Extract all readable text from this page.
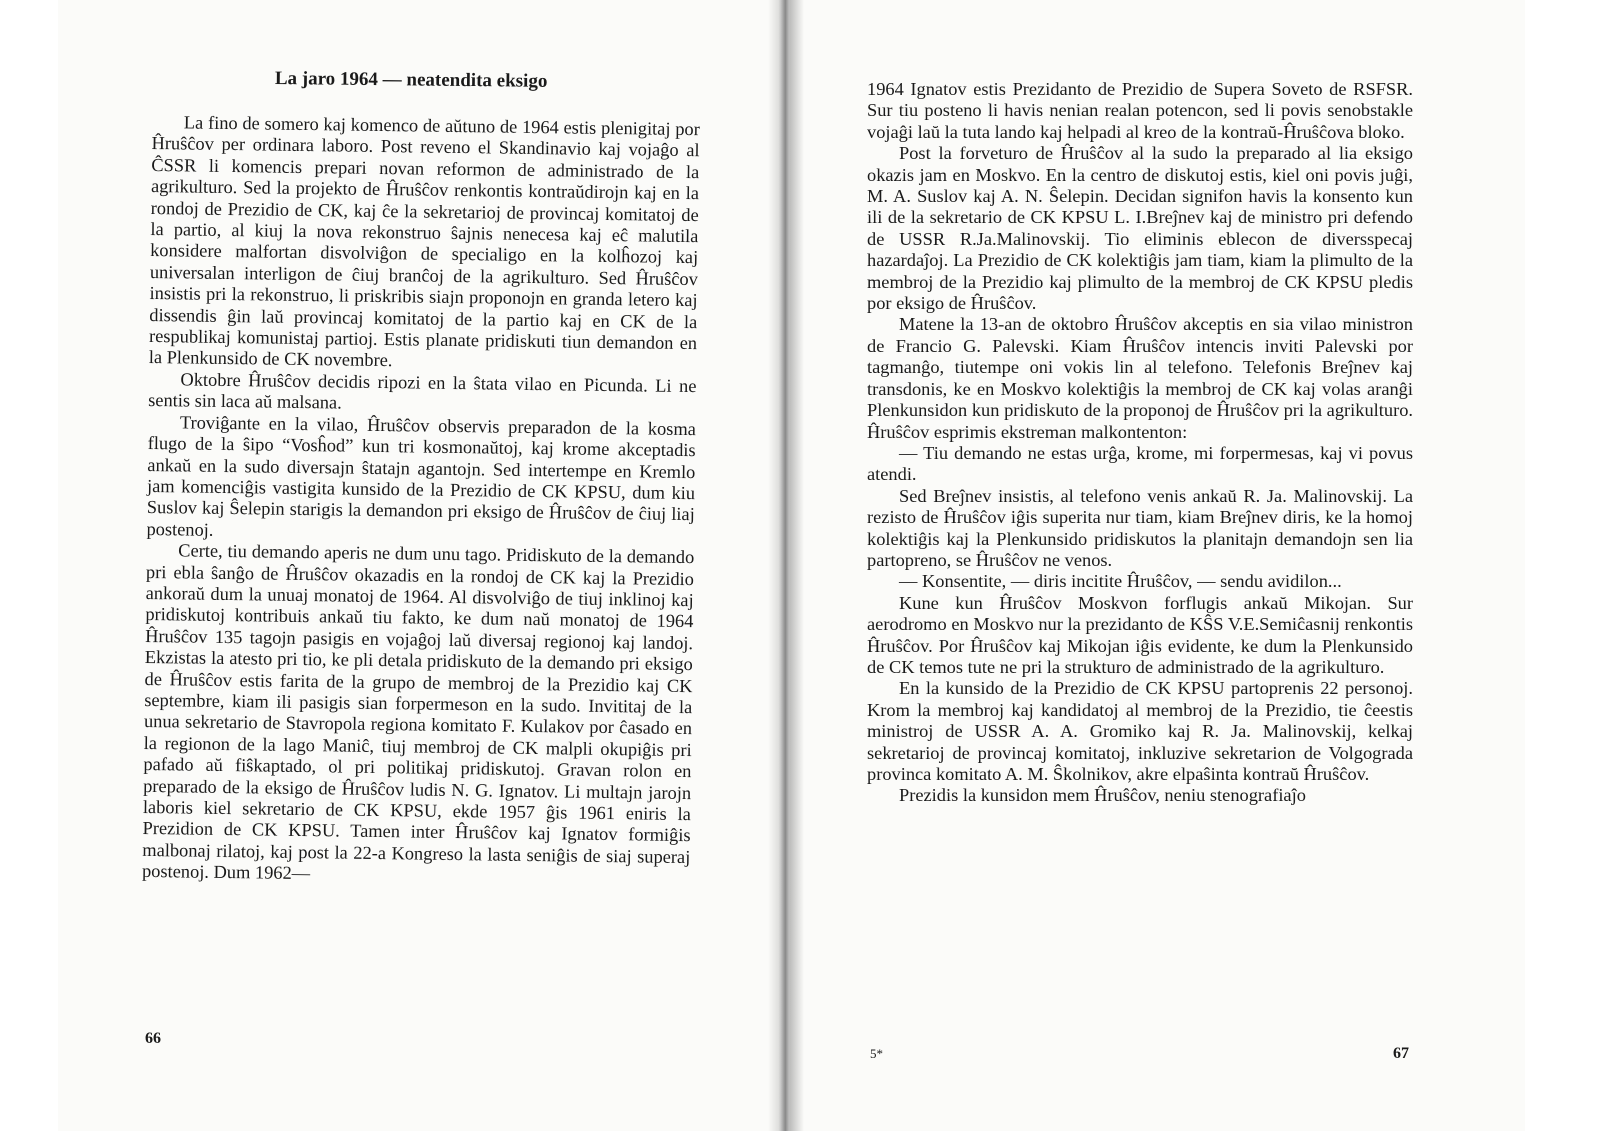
La jaro 1964 — neatendita eksigo

La fino de somero kaj komenco de aŭtuno de 1964 estis plenigitaj por Ĥruŝĉov per ordinara laboro. Post reveno el Skandinavio kaj vojaĝo al ĈSSR li komencis prepari novan reformon de administrado de la agrikulturo. Sed la projekto de Ĥruŝĉov renkontis kontraŭdirojn kaj en la rondoj de Prezidio de CK, kaj ĉe la sekretarioj de provincaj komitatoj de la partio, al kiuj la nova rekonstruo ŝajnis nenecesa kaj eĉ malutila konsidere malfortan disvolviĝon de specialigo en la kolĥozoj kaj universalan interligon de ĉiuj branĉoj de la agrikulturo. Sed Ĥruŝĉov insistis pri la rekonstruo, li priskribis siajn proponojn en granda letero kaj dissendis ĝin laŭ provincaj komitatoj de la partio kaj en CK de la respublikaj komunistaj partioj. Estis planate pridiskuti tiun demandon en la Plenkunsido de CK novembre.

Oktobre Ĥruŝĉov decidis ripozi en la ŝtata vilao en Picunda. Li ne sentis sin laca aŭ malsana.

Troviĝante en la vilao, Ĥruŝĉov observis preparadon de la kosma flugo de la ŝipo “Vosĥod” kun tri kosmonaŭtoj, kaj krome akceptadis ankaŭ en la sudo diversajn ŝtatajn agantojn. Sed intertempe en Kremlo jam komenciĝis vastigita kunsido de la Prezidio de CK KPSU, dum kiu Suslov kaj Ŝelepin starigis la demandon pri eksigo de Ĥruŝĉov de ĉiuj liaj postenoj.

Certe, tiu demando aperis ne dum unu tago. Pridiskuto de la demando pri ebla ŝanĝo de Ĥruŝĉov okazadis en la rondoj de CK kaj la Prezidio ankoraŭ dum la unuaj monatoj de 1964. Al disvolviĝo de tiuj inklinoj kaj pridiskutoj kontribuis ankaŭ tiu fakto, ke dum naŭ monatoj de 1964 Ĥruŝĉov 135 tagojn pasigis en vojaĝoj laŭ diversaj regionoj kaj landoj. Ekzistas la atesto pri tio, ke pli detala pridiskuto de la demando pri eksigo de Ĥruŝĉov estis farita de la grupo de membroj de la Prezidio kaj CK septembre, kiam ili pasigis sian forpermeson en la sudo. Invititaj de la unua sekretario de Stavropola regiona komitato F. Kulakov por ĉasado en la regionon de la lago Maniĉ, tiuj membroj de CK malpli okupiĝis pri pafado aŭ fiŝkaptado, ol pri politikaj pridiskutoj. Gravan rolon en preparado de la eksigo de Ĥruŝĉov ludis N. G. Ignatov. Li multajn jarojn laboris kiel sekretario de CK KPSU, ekde 1957 ĝis 1961 eniris la Prezidion de CK KPSU. Tamen inter Ĥruŝĉov kaj Ignatov formiĝis malbonaj rilatoj, kaj post la 22-a Kongreso la lasta seniĝis de siaj superaj postenoj. Dum 1962—

66

1964 Ignatov estis Prezidanto de Prezidio de Supera Soveto de RSFSR. Sur tiu posteno li havis nenian realan potencon, sed li povis senobstakle vojaĝi laŭ la tuta lando kaj helpadi al kreo de la kontraŭ-Ĥruŝĉova bloko.

Post la forveturo de Ĥruŝĉov al la sudo la preparado al lia eksigo okazis jam en Moskvo. En la centro de diskutoj estis, kiel oni povis juĝi, M. A. Suslov kaj A. N. Ŝelepin. Decidan signifon havis la konsento kun ili de la sekretario de CK KPSU L. I.Breĵnev kaj de ministro pri defendo de USSR R.Ja.Malinovskij. Tio eliminis eblecon de diversspecaj hazardaĵoj. La Prezidio de CK kolektiĝis jam tiam, kiam la plimulto de la membroj de la Prezidio kaj plimulto de la membroj de CK KPSU pledis por eksigo de Ĥruŝĉov.

Matene la 13-an de oktobro Ĥruŝĉov akceptis en sia vilao ministron de Francio G. Palevski. Kiam Ĥruŝĉov intencis inviti Palevski por tagmanĝo, tiutempe oni vokis lin al telefono. Telefonis Breĵnev kaj transdonis, ke en Moskvo kolektiĝis la membroj de CK kaj volas aranĝi Plenkunsidon kun pridiskuto de la proponoj de Ĥruŝĉov pri la agrikulturo. Ĥruŝĉov esprimis ekstreman malkontenton:

— Tiu demando ne estas urĝa, krome, mi forpermesas, kaj vi povus atendi.

Sed Breĵnev insistis, al telefono venis ankaŭ R. Ja. Malinovskij. La rezisto de Ĥruŝĉov iĝis superita nur tiam, kiam Breĵnev diris, ke la homoj kolektiĝis kaj la Plenkunsido pridiskutos la planitajn demandojn sen lia partopreno, se Ĥruŝĉov ne venos.

— Konsentite, — diris incitite Ĥruŝĉov, — sendu avidilon...

Kune kun Ĥruŝĉov Moskvon forflugis ankaŭ Mikojan. Sur aerodromo en Moskvo nur la prezidanto de KŜS V.E.Semiĉasnij renkontis Ĥruŝĉov. Por Ĥruŝĉov kaj Mikojan iĝis evidente, ke dum la Plenkunsido de CK temos tute ne pri la strukturo de administrado de la agrikulturo.

En la kunsido de la Prezidio de CK KPSU partoprenis 22 personoj. Krom la membroj kaj kandidatoj al membroj de la Prezidio, tie ĉeestis ministroj de USSR A. A. Gromiko kaj R. Ja. Malinovskij, kelkaj sekretarioj de provincaj komitatoj, inkluzive sekretarion de Volgograda provinca komitato A. M. Ŝkolnikov, akre elpaŝinta kontraŭ Ĥruŝĉov.

Prezidis la kunsidon mem Ĥruŝĉov, neniu stenografiaĵo

5*	67
